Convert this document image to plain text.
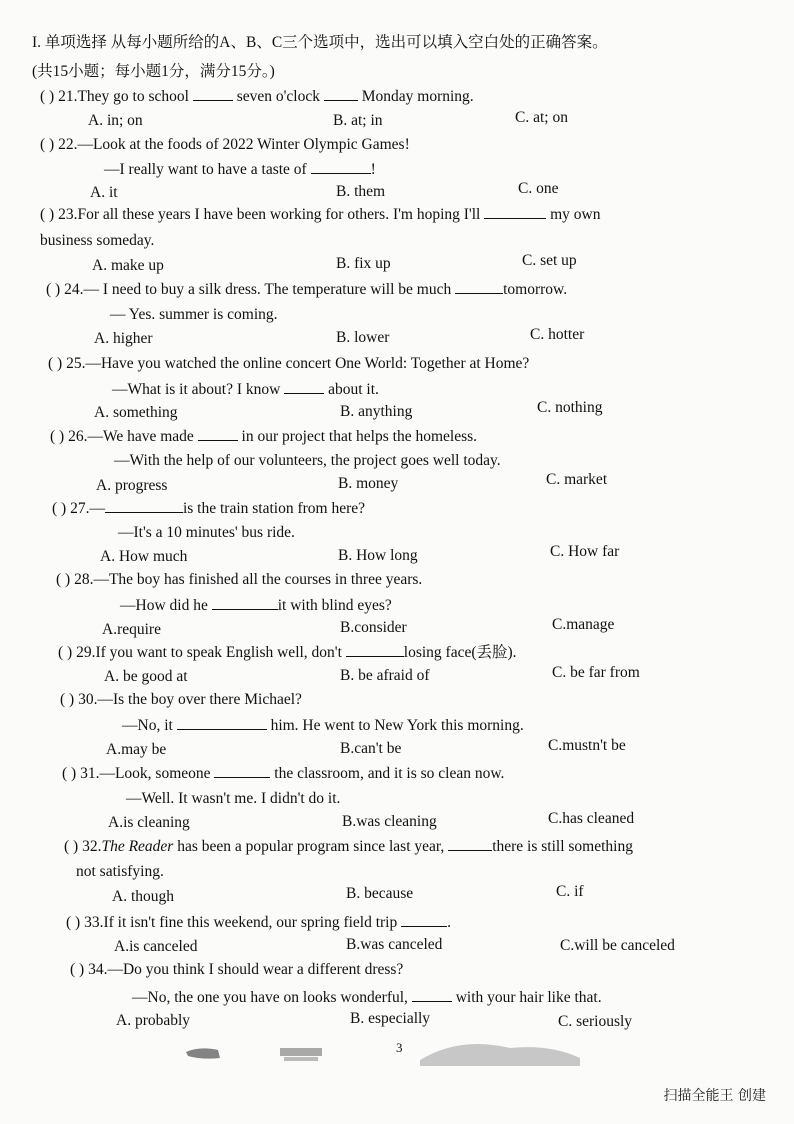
I. 单项选择 从每小题所给的A、B、C三个选项中，选出可以填入空白处的正确答案。
(共15小题；每小题1分，满分15分。)
( ) 21.They go to school	seven o'clock  Monday morning.
A. in; on	B. at; in	C. at; on
( ) 22.—Look at the foods of 2022 Winter Olympic Games!
—I really want to have a taste of	!
A. it	B. them	C. one
( ) 23.For all these years I have been working for others. I'm hoping I'll	my own
business someday.
A. make up	B. fix up	C. set up
( ) 24.— I need to buy a silk dress. The temperature will be much	tomorrow.
— Yes. summer is coming.
A. higher	B. lower	C. hotter
( ) 25.—Have you watched the online concert One World: Together at Home?
—What is it about? I know	about it.
A. something	B. anything	C. nothing
( ) 26.—We have made	in our project that helps the homeless.
—With the help of our volunteers, the project goes well today.
A. progress	B. money	C. market
( ) 27.—	is the train station from here?
—It's a 10 minutes' bus ride.
A. How much	B. How long	C. How far
( ) 28.—The boy has finished all the courses in three years.
—How did he	it with blind eyes?
A.require	B.consider	C.manage
( ) 29.If you want to speak English well, don't	losing face(丢脸).
A. be good at	B. be afraid of	C. be far from
( ) 30.—Is the boy over there Michael?
—No, it	him. He went to New York this morning.
A.may be	B.can't be	C.mustn't be
( ) 31.—Look, someone	the classroom, and it is so clean now.
—Well. It wasn't me. I didn't do it.
A.is cleaning	B.was cleaning	C.has cleaned
( ) 32.The Reader has been a popular program since last year,	there is still something
not satisfying.
A. though	B. because	C. if
( ) 33.If it isn't fine this weekend, our spring field trip	.
A.is canceled	B.was canceled	C.will be canceled
( ) 34.—Do you think I should wear a different dress?
—No, the one you have on looks wonderful,	with your hair like that.
A. probably	B. especially	C. seriously
3
扫描全能王 创建
